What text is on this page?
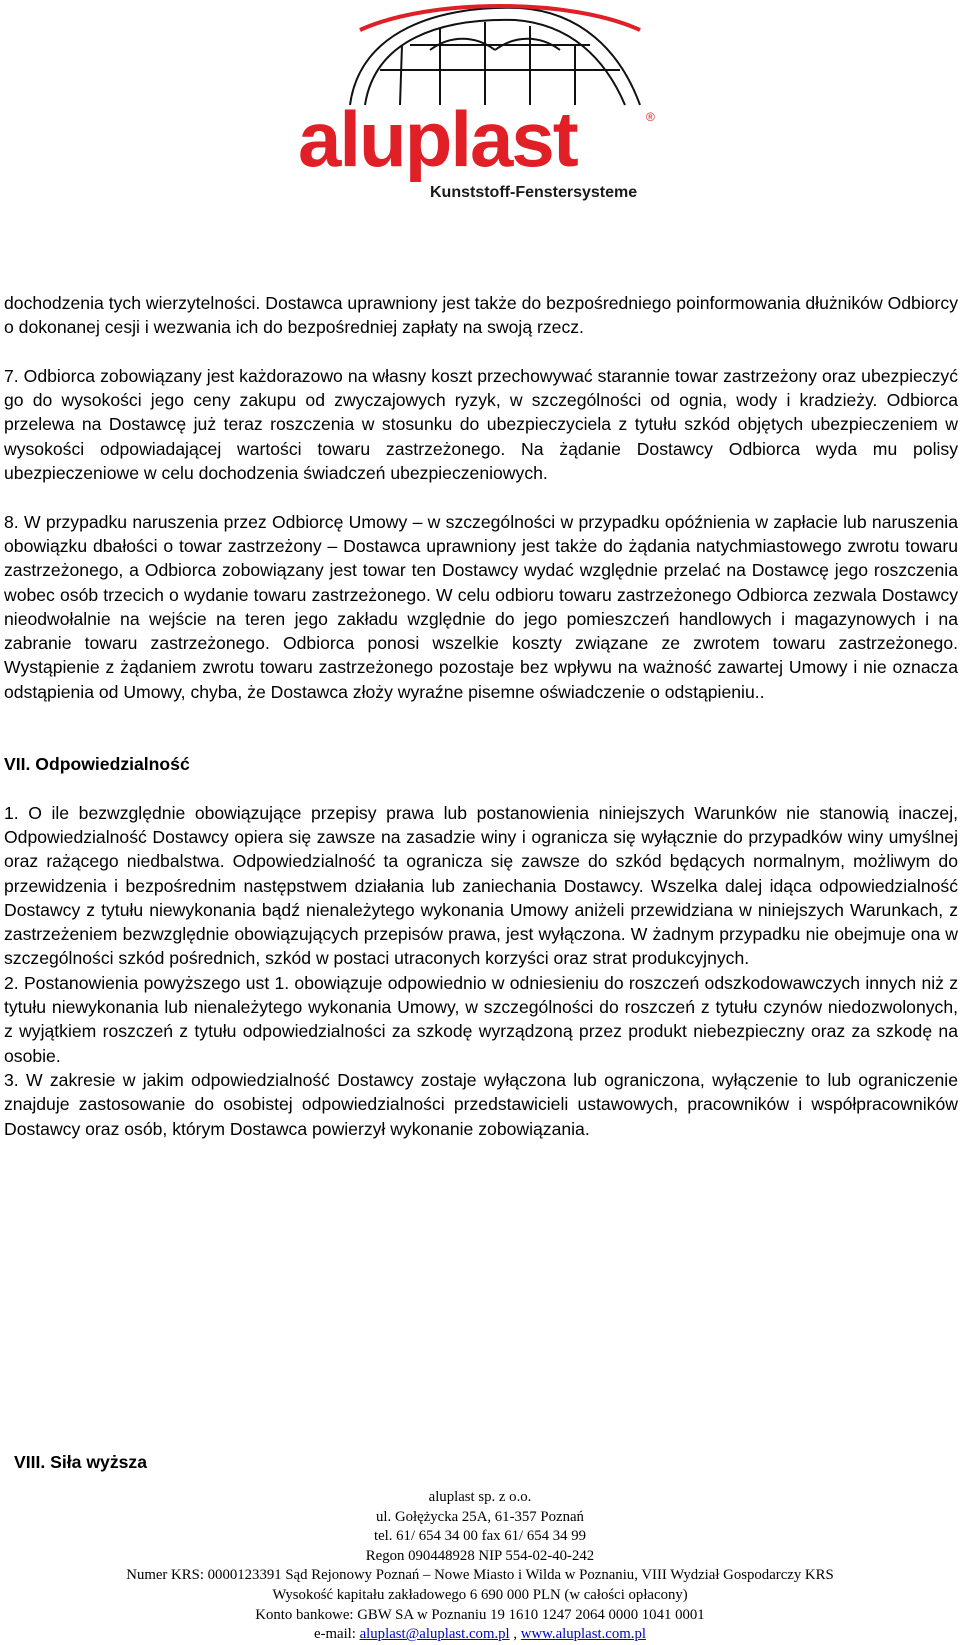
aluplast	®
Kunststoff-Fenstersysteme

dochodzenia tych wierzytelności. Dostawca uprawniony jest także do bezpośredniego poinformowania dłużników Odbiorcy o dokonanej cesji i wezwania ich do bezpośredniej zapłaty na swoją rzecz.

7. Odbiorca zobowiązany jest każdorazowo na własny koszt przechowywać starannie towar zastrzeżony oraz ubezpieczyć go do wysokości jego ceny zakupu od zwyczajowych ryzyk, w szczególności od ognia, wody i kradzieży. Odbiorca przelewa na Dostawcę już teraz roszczenia w stosunku do ubezpieczyciela z tytułu szkód objętych ubezpieczeniem w wysokości odpowiadającej wartości towaru zastrzeżonego. Na żądanie Dostawcy Odbiorca wyda mu polisy ubezpieczeniowe w celu dochodzenia świadczeń ubezpieczeniowych.

8. W przypadku naruszenia przez Odbiorcę Umowy – w szczególności w przypadku opóźnienia w zapłacie lub naruszenia obowiązku dbałości o towar zastrzeżony – Dostawca uprawniony jest także do żądania natychmiastowego zwrotu towaru zastrzeżonego, a Odbiorca zobowiązany jest towar ten Dostawcy wydać względnie przelać na Dostawcę jego roszczenia wobec osób trzecich o wydanie towaru zastrzeżonego. W celu odbioru towaru zastrzeżonego Odbiorca zezwala Dostawcy nieodwołalnie na wejście na teren jego zakładu względnie do jego pomieszczeń handlowych i magazynowych i na zabranie towaru zastrzeżonego. Odbiorca ponosi wszelkie koszty związane ze zwrotem towaru zastrzeżonego. Wystąpienie z żądaniem zwrotu towaru zastrzeżonego pozostaje bez wpływu na ważność zawartej Umowy i nie oznacza odstąpienia od Umowy, chyba, że Dostawca złoży wyraźne pisemne oświadczenie o odstąpieniu..

VII. Odpowiedzialność

1. O ile bezwzględnie obowiązujące przepisy prawa lub postanowienia niniejszych Warunków nie stanowią inaczej, Odpowiedzialność Dostawcy opiera się zawsze na zasadzie winy i ogranicza się wyłącznie do przypadków winy umyślnej oraz rażącego niedbalstwa. Odpowiedzialność ta ogranicza się zawsze do szkód będących normalnym, możliwym do przewidzenia i bezpośrednim następstwem działania lub zaniechania Dostawcy. Wszelka dalej idąca odpowiedzialność Dostawcy z tytułu niewykonania bądź nienależytego wykonania Umowy aniżeli przewidziana w niniejszych Warunkach, z zastrzeżeniem bezwzględnie obowiązujących przepisów prawa, jest wyłączona. W żadnym przypadku nie obejmuje ona w szczególności szkód pośrednich, szkód w postaci utraconych korzyści oraz strat produkcyjnych.

2. Postanowienia powyższego ust 1. obowiązuje odpowiednio w odniesieniu do roszczeń odszkodowawczych innych niż z tytułu niewykonania lub nienależytego wykonania Umowy, w szczególności do roszczeń z tytułu czynów niedozwolonych, z wyjątkiem roszczeń z tytułu odpowiedzialności za szkodę wyrządzoną przez produkt niebezpieczny oraz za szkodę na osobie.

3. W zakresie w jakim odpowiedzialność Dostawcy zostaje wyłączona lub ograniczona, wyłączenie to lub ograniczenie znajduje zastosowanie do osobistej odpowiedzialności przedstawicieli ustawowych, pracowników i współpracowników Dostawcy oraz osób, którym Dostawca powierzył wykonanie zobowiązania.

VIII. Siła wyższa
aluplast sp. z o.o.
ul. Gołężycka 25A, 61-357 Poznań
tel. 61/ 654 34 00 fax 61/ 654 34 99
Regon 090448928 NIP 554-02-40-242
Numer KRS: 0000123391 Sąd Rejonowy Poznań – Nowe Miasto i Wilda w Poznaniu, VIII Wydział Gospodarczy KRS
Wysokość kapitału zakładowego 6 690 000 PLN (w całości opłacony)
Konto bankowe: GBW SA w Poznaniu 19 1610 1247 2064 0000 1041 0001
e-mail: aluplast@aluplast.com.pl , www.aluplast.com.pl
